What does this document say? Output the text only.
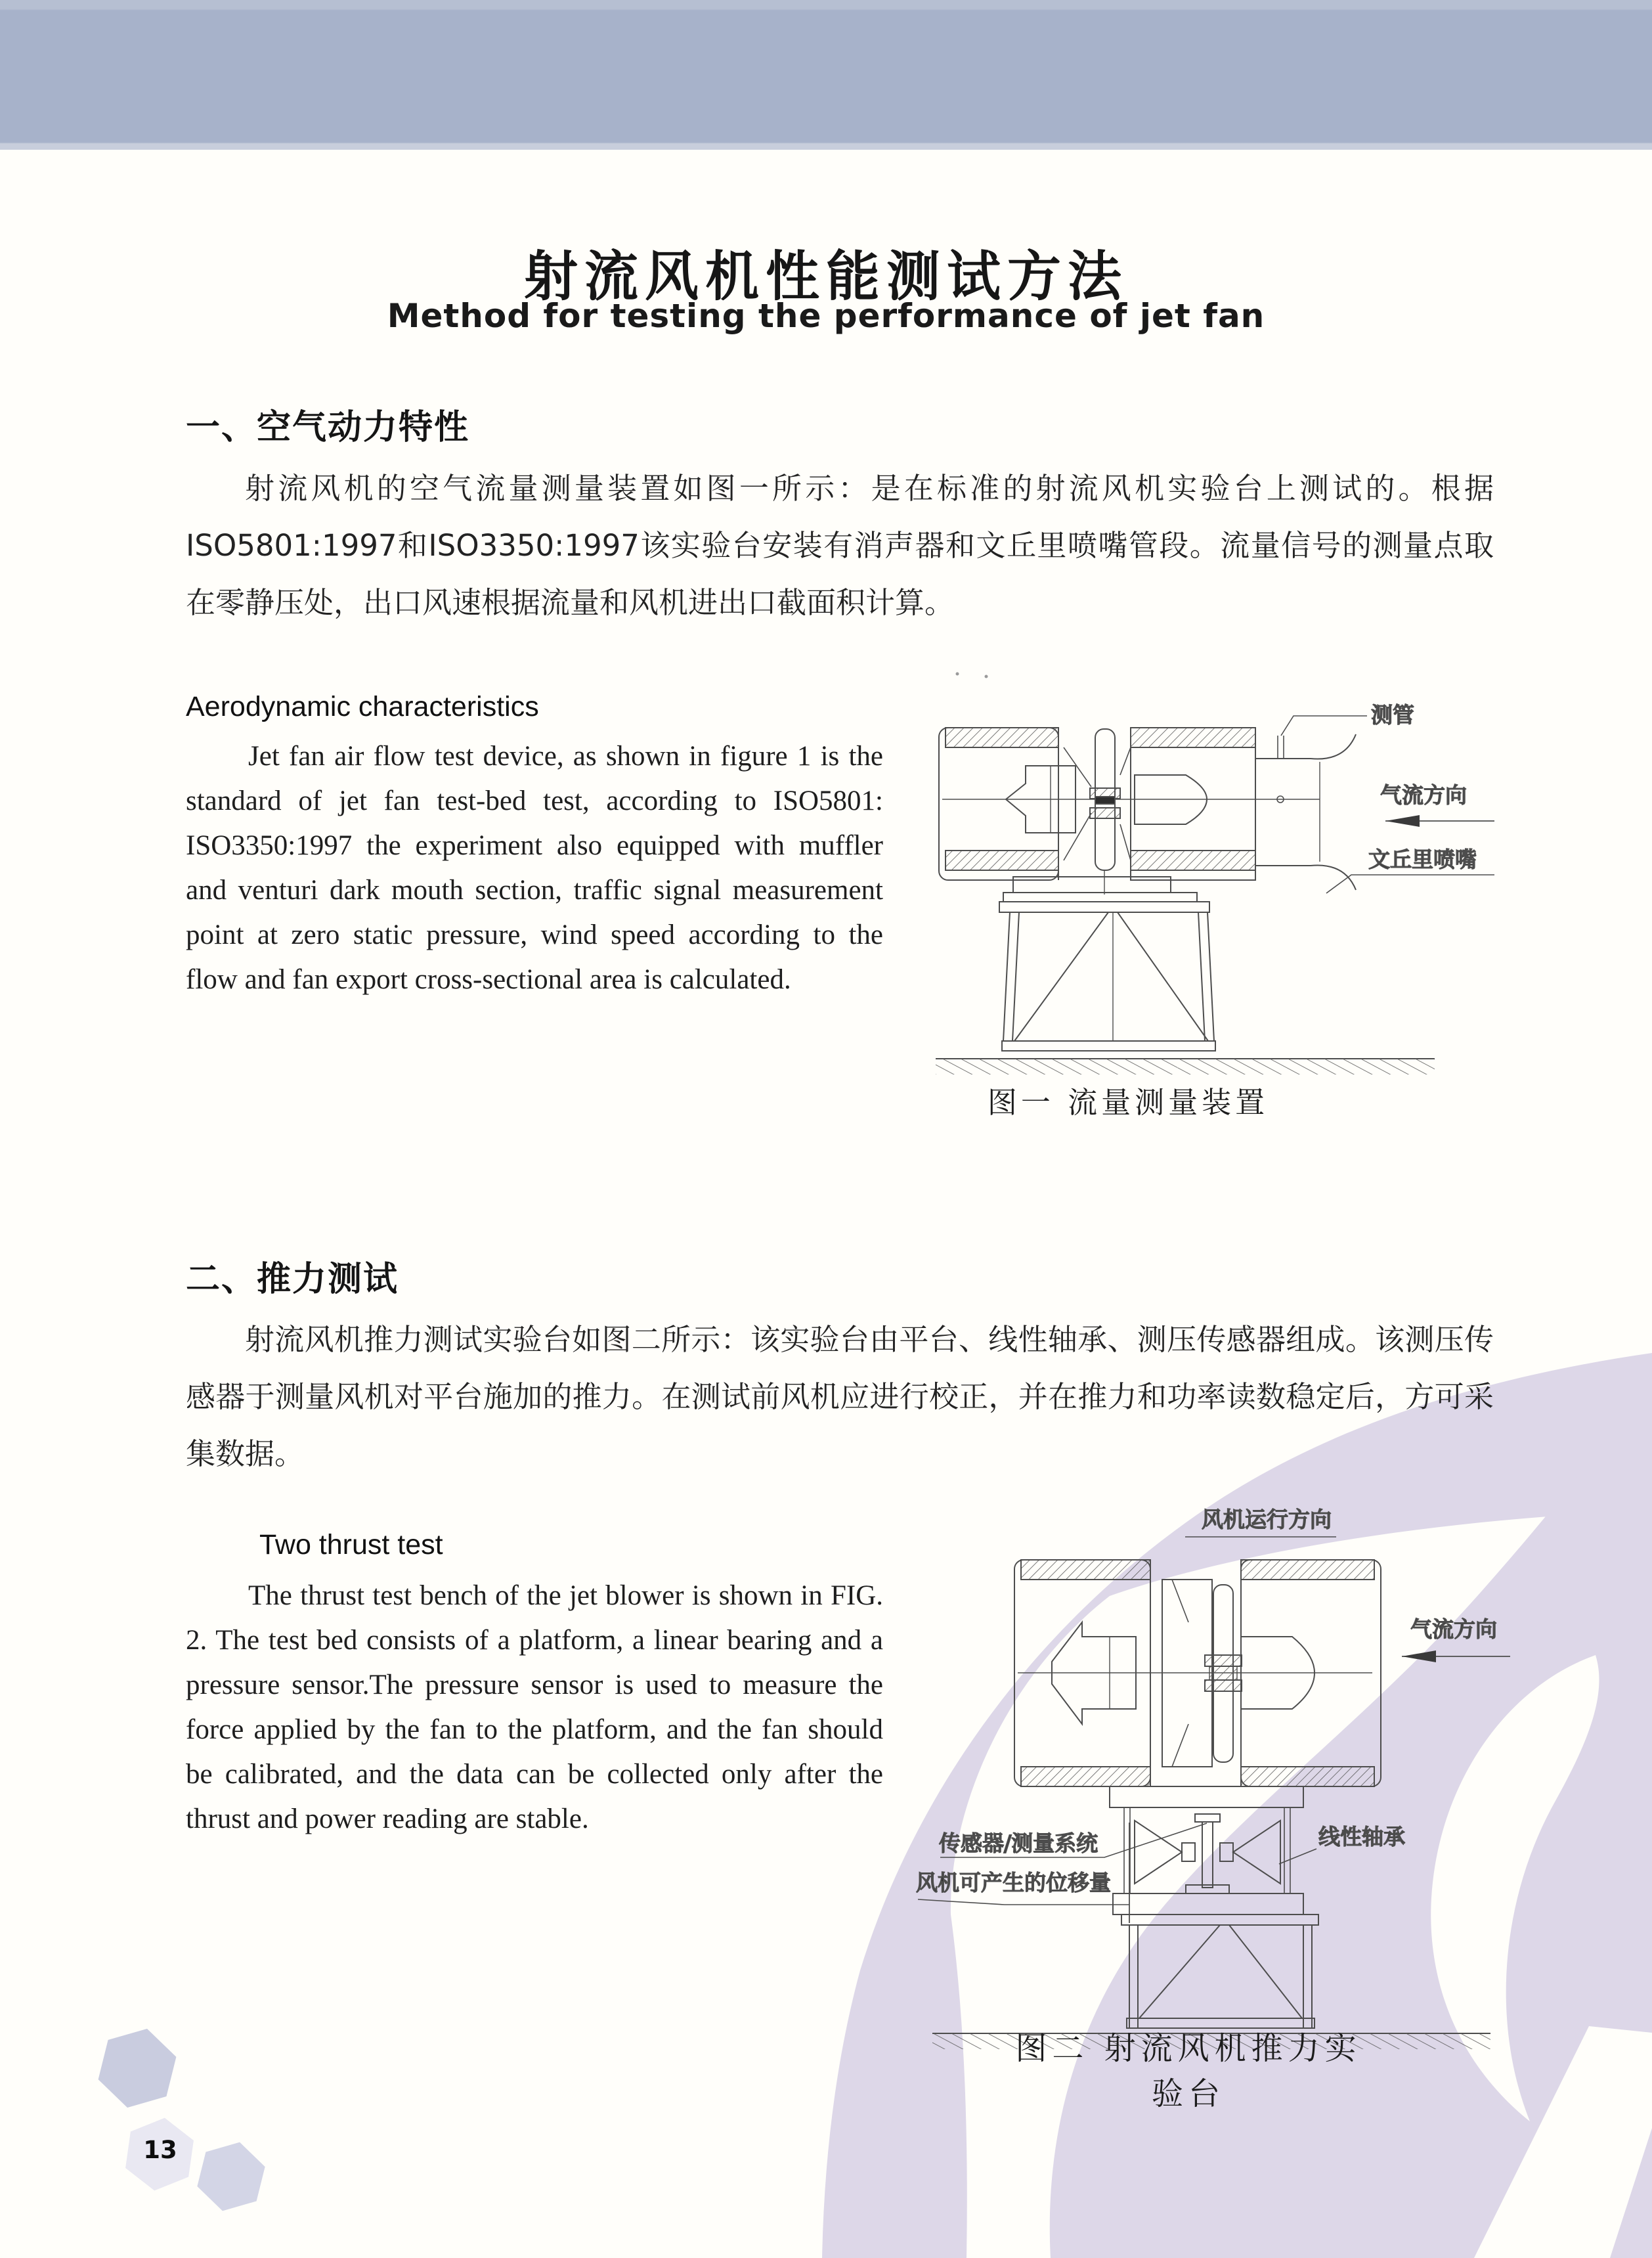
射流风机性能测试方法
Method for testing the performance of jet fan
一、空气动力特性

射流风机的空气流量测量装置如图一所示：是在标准的射流风机实验台上测试的。根据ISO5801:1997和ISO3350:1997该实验台安装有消声器和文丘里喷嘴管段。流量信号的测量点取在零静压处，出口风速根据流量和风机进出口截面积计算。

Aerodynamic characteristics

Jet fan air flow test device, as shown in figure 1 is the standard of jet fan test-bed test, according to ISO5801: ISO3350:1997 the experiment also equipped with muffler and venturi dark mouth section, traffic signal measurement point at zero static pressure, wind speed according to the flow and fan export cross-sectional area is calculated.

测管
气流方向
文丘里喷嘴
图一 流量测量装置
二、推力测试

射流风机推力测试实验台如图二所示：该实验台由平台、线性轴承、测压传感器组成。该测压传感器于测量风机对平台施加的推力。在测试前风机应进行校正，并在推力和功率读数稳定后，方可采集数据。

Two thrust test

The thrust test bench of the jet blower is shown in FIG. 2. The test bed consists of a platform, a linear bearing and a pressure sensor.The pressure sensor is used to measure the force applied by the fan to the platform, and the fan should be calibrated, and the data can be collected only after the thrust and power reading are stable.

风机运行方向
气流方向
线性轴承
传感器/测量系统
风机可产生的位移量
图二 射流风机推力实验台
13
